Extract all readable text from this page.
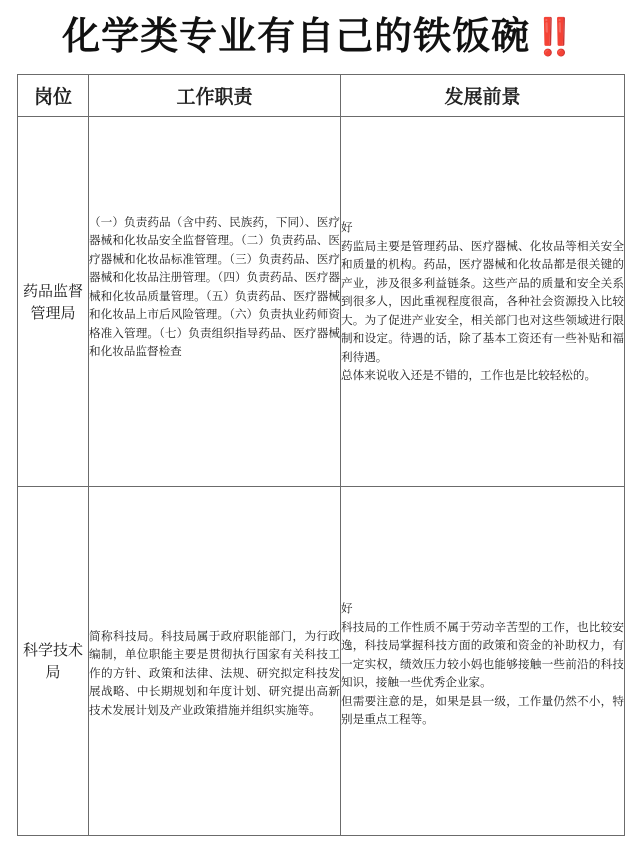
化学类专业有自己的铁饭碗‼️
岗位	工作职责	发展前景
药品监督管理局	（一）负责药品（含中药、民族药，下同）、医疗器械和化妆品安全监督管理。（二）负责药品、医疗器械和化妆品标准管理。（三）负责药品、医疗器械和化妆品注册管理。（四）负责药品、医疗器械和化妆品质量管理。（五）负责药品、医疗器械和化妆品上市后风险管理。（六）负责执业药师资格准入管理。（七）负责组织指导药品、医疗器械和化妆品监督检查	好
药监局主要是管理药品、医疗器械、化妆品等相关安全和质量的机构。药品，医疗器械和化妆品都是很关键的产业，涉及很多利益链条。这些产品的质量和安全关系到很多人，因此重视程度很高，各种社会资源投入比较大。为了促进产业安全，相关部门也对这些领域进行限制和设定。待遇的话，除了基本工资还有一些补贴和福利待遇。
总体来说收入还是不错的，工作也是比较轻松的。

科学技术局	简称科技局。科技局属于政府职能部门，为行政编制，单位职能主要是贯彻执行国家有关科技工作的方针、政策和法律、法规、研究拟定科技发展战略、中长期规划和年度计划、研究提出高新技术发展计划及产业政策措施并组织实施等。	好
科技局的工作性质不属于劳动辛苦型的工作，也比较安逸，科技局掌握科技方面的政策和资金的补助权力，有一定实权，绩效压力较小妈也能够接触一些前沿的科技知识，接触一些优秀企业家。
但需要注意的是，如果是县一级，工作量仍然不小，特别是重点工程等。
